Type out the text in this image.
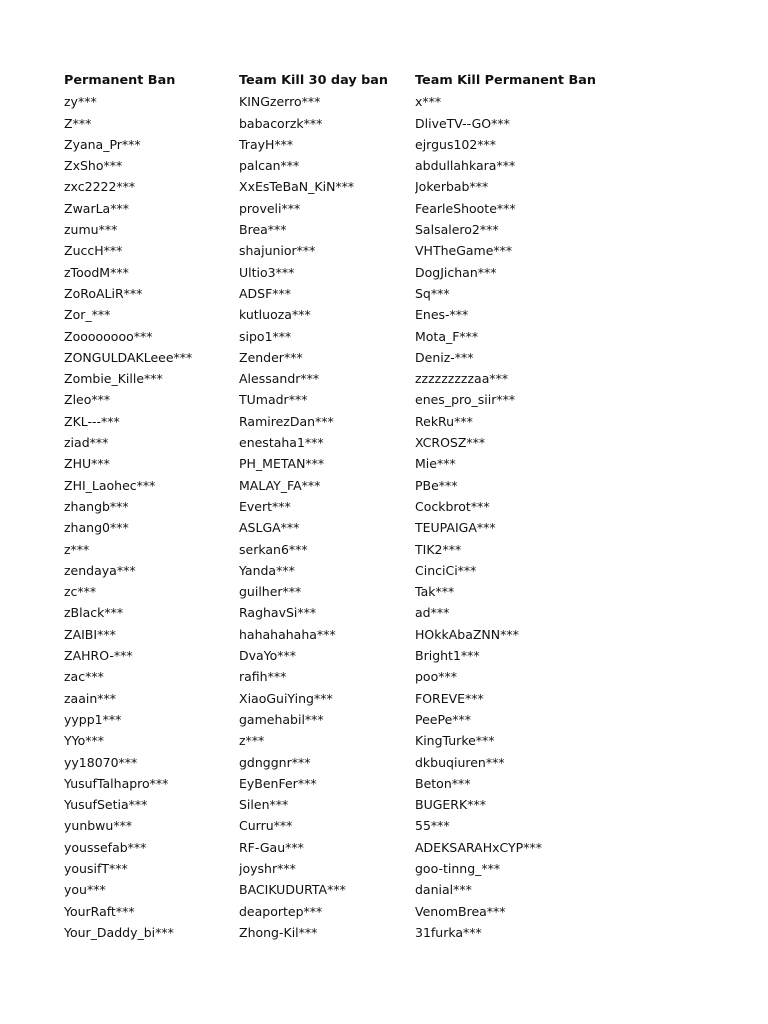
Permanent Ban	Team Kill 30 day ban	Team Kill Permanent Ban
zy***	KINGzerro***	x***
Z***	babacorzk***	DliveTV--GO***
Zyana_Pr***	TrayH***	ejrgus102***
ZxSho***	palcan***	abdullahkara***
zxc2222***	XxEsTeBaN_KiN***	Jokerbab***
ZwarLa***	proveli***	FearleShoote***
zumu***	Brea***	Salsalero2***
ZuccH***	shajunior***	VHTheGame***
zToodM***	Ultio3***	DogJichan***
ZoRoALiR***	ADSF***	Sq***
Zor_***	kutluoza***	Enes-***
Zoooooooo***	sipo1***	Mota_F***
ZONGULDAKLeee***	Zender***	Deniz-***
Zombie_Kille***	Alessandr***	zzzzzzzzzaa***
Zleo***	TUmadr***	enes_pro_siir***
ZKL---***	RamirezDan***	RekRu***
ziad***	enestaha1***	XCROSZ***
ZHU***	PH_METAN***	Mie***
ZHI_Laohec***	MALAY_FA***	PBe***
zhangb***	Evert***	Cockbrot***
zhang0***	ASLGA***	TEUPAIGA***
z***	serkan6***	TIK2***
zendaya***	Yanda***	CinciCi***
zc***	guilher***	Tak***
zBlack***	RaghavSi***	ad***
ZAIBI***	hahahahaha***	HOkkAbaZNN***
ZAHRO-***	DvaYo***	Bright1***
zac***	rafih***	poo***
zaain***	XiaoGuiYing***	FOREVE***
yypp1***	gamehabil***	PeePe***
YYo***	z***	KingTurke***
yy18070***	gdnggnr***	dkbuqiuren***
YusufTalhapro***	EyBenFer***	Beton***
YusufSetia***	Silen***	BUGERK***
yunbwu***	Curru***	55***
youssefab***	RF-Gau***	ADEKSARAHxCYP***
yousifT***	joyshr***	goo-tinng_***
you***	BACIKUDURTA***	danial***
YourRaft***	deaportep***	VenomBrea***
Your_Daddy_bi***	Zhong-Kil***	31furka***
